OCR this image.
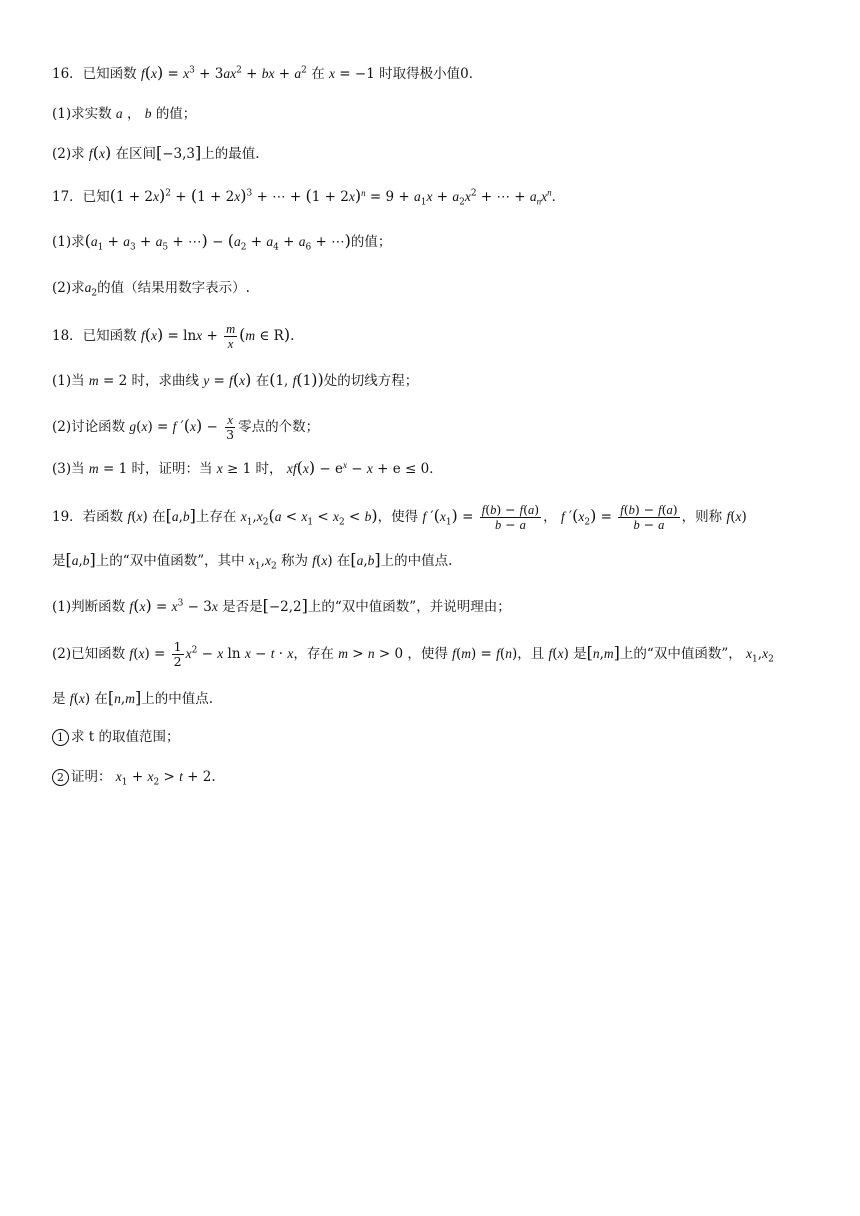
16．已知函数 $f(x) = x^3 + 3ax^2$ + bx + $a^2$ 在 x = −1 时取得极小值0．
(1)求实数 a ， b 的值；
(2)求 f(x) 在区间[−3,3]上的最值.
17．已知$(1 + 2x)^2 + (1 + 2x)^3$ + ⋯ + $(1 + 2x)^n = 9 + a_1x + a_2x^2$ + ⋯ + $a_nx^n$．
(1)求($a_1 + a_3 + a_5$ + ⋯) − ($a_2 + a_4 + a_6$ + ⋯)的值；
(2)求$a_2$的值（结果用数字表示）.
18．已知函数 $f(x) = \ln x + \frac{m}{x} (m$ ∈ R).
(1)当 m = 2 时，求曲线 y = f(x) 在(1, f(1))处的切线方程；
(2)讨论函数 g(x) = f $'(x) - \frac{x}{3}$ 零点的个数；
(3)当 m = 1 时，证明：当 x ≥ 1 时， $xf(x) - e^x - x + e \le 0$．
19．若函数 f(x) 在[a,b]上存在 $x_1,x_2(a < x_1 < x_2 < b)$，使得 f $'(x_1) = \frac{f(b) - f(a)}{b - a}$ ， f $'(x_2) = \frac{f(b) - f(a)}{b - a}$ ，则称 f(x)
是[a,b]上的“双中值函数”，其中 $x_1,x_2$ 称为 f(x) 在[a,b]上的中值点.
(1)判断函数 $f(x) = x^3 - 3x$ 是否是[−2,2]上的“双中值函数”，并说明理由；
(2)已知函数 $f(x) = \frac{1}{2} x^2 - x$ ln x − t · x，存在 m > n > 0 ，使得 f(m) = f(n)，且 f(x) 是[n,m]上的“双中值函数”， $x_1,x_2$
是 f(x) 在[n,m]上的中值点.
1 求 t 的取值范围；
2 证明： $x_1 + x_2 > t + 2$.
